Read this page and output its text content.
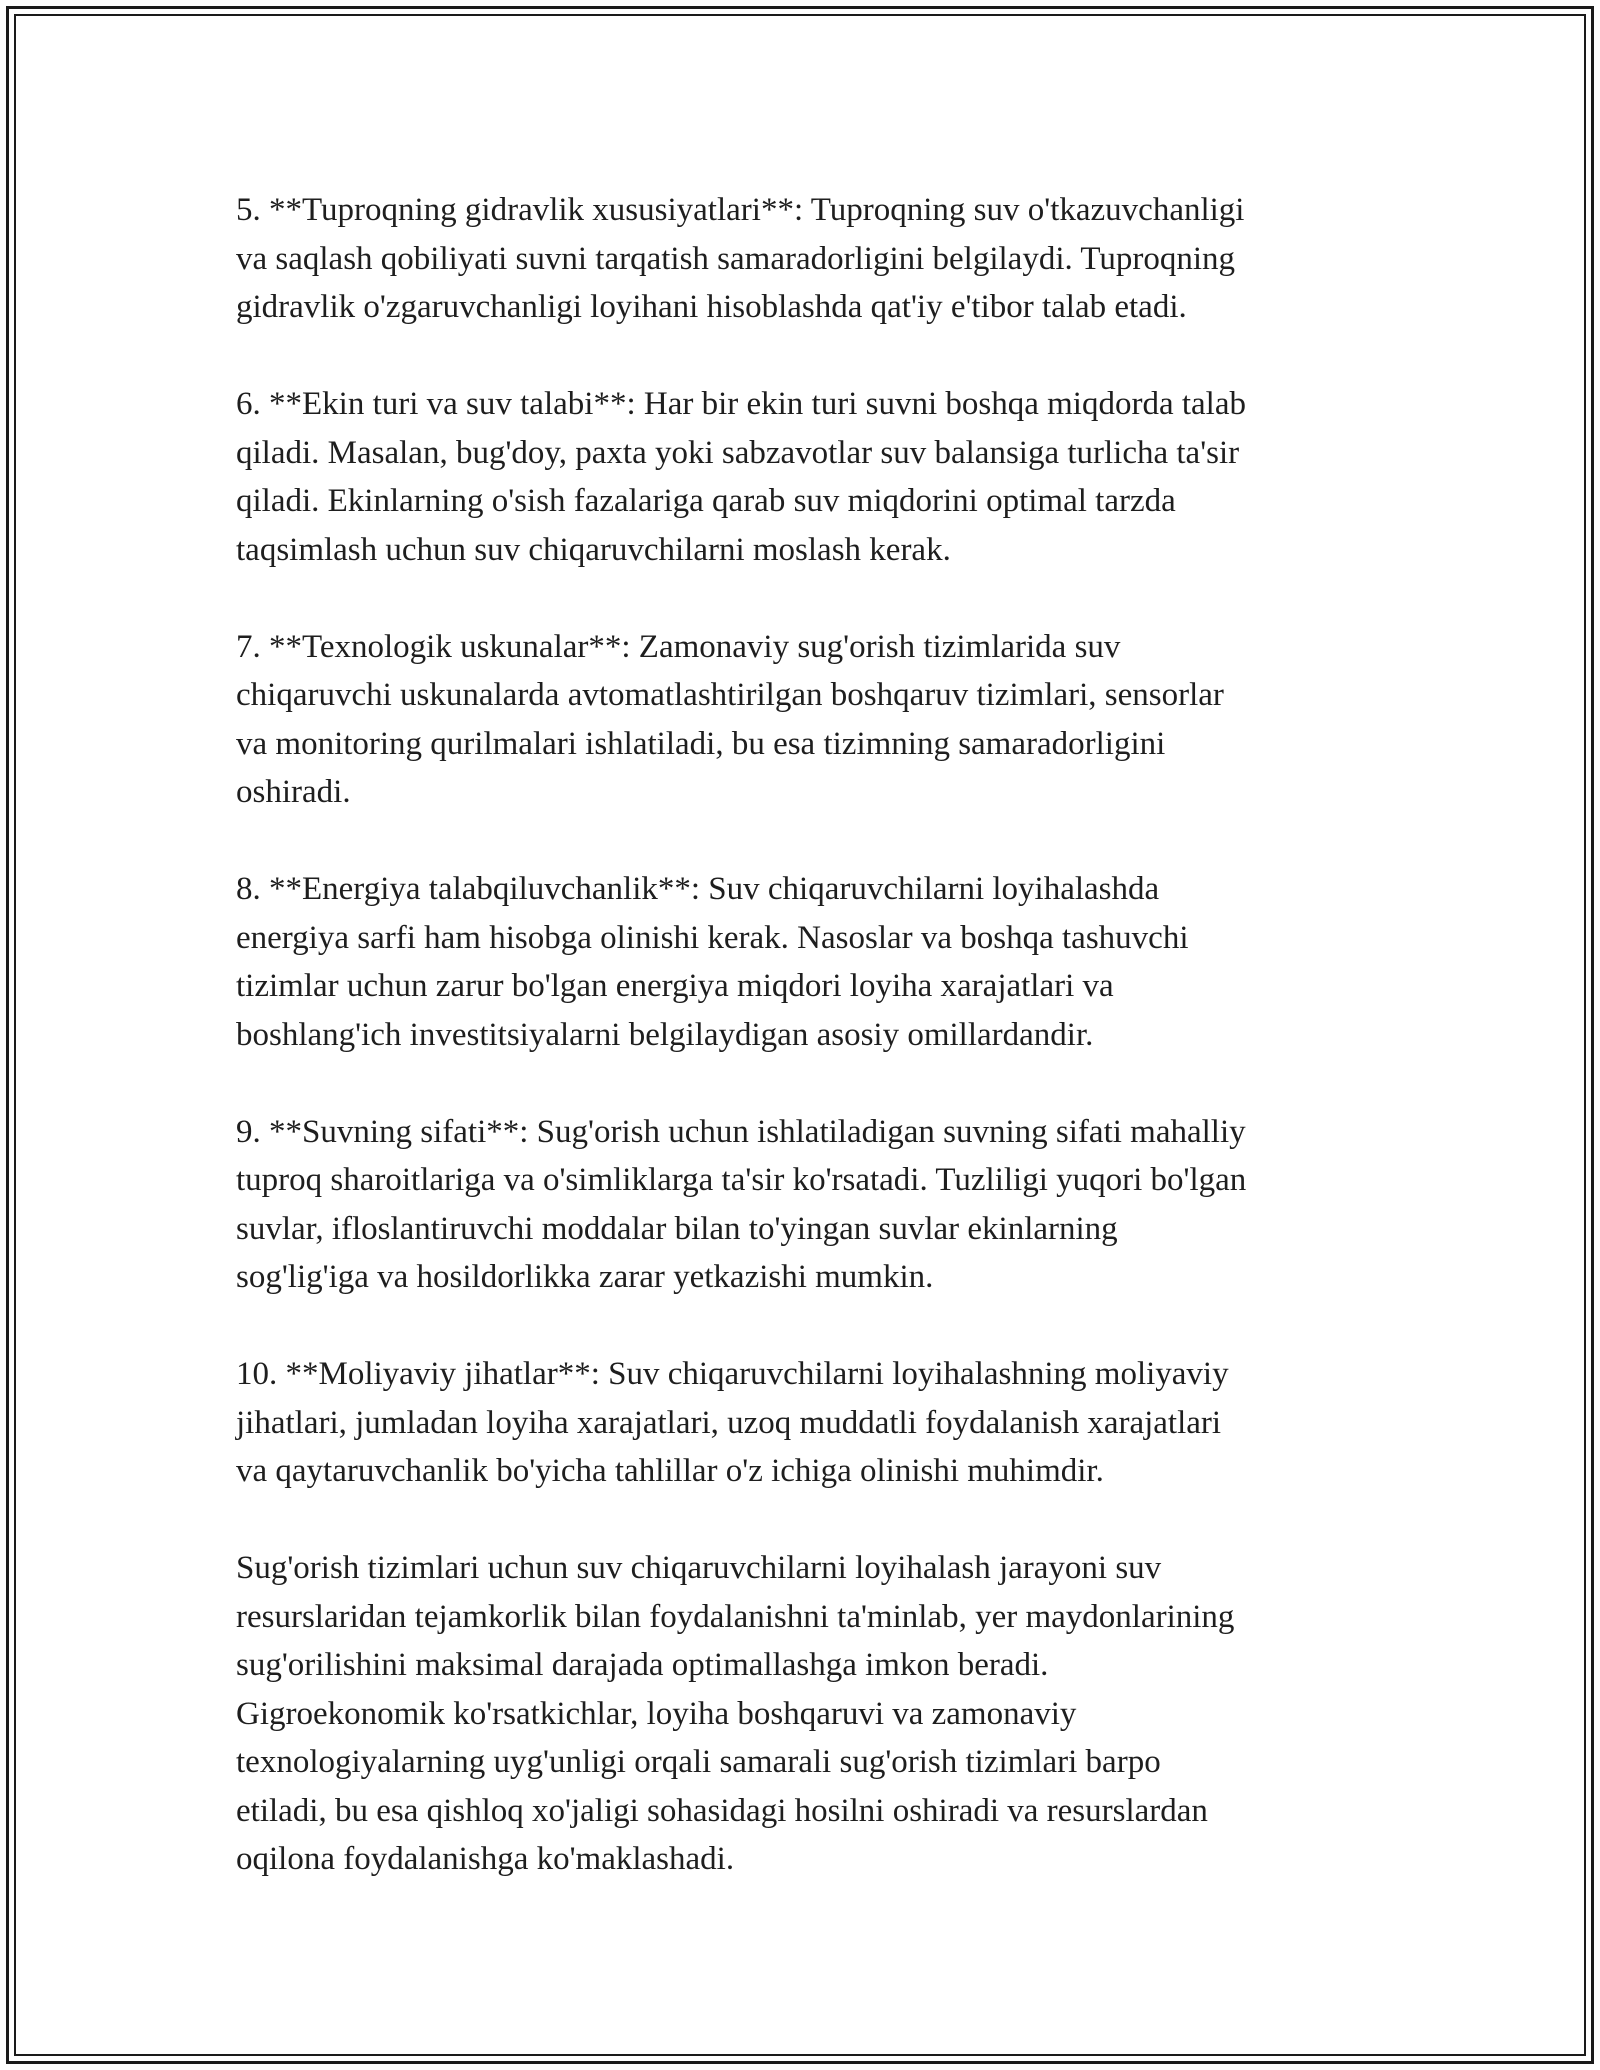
5. **Tuproqning gidravlik xususiyatlari**: Tuproqning suv o'tkazuvchanligi
va saqlash qobiliyati suvni tarqatish samaradorligini belgilaydi. Tuproqning
gidravlik o'zgaruvchanligi loyihani hisoblashda qat'iy e'tibor talab etadi.

6. **Ekin turi va suv talabi**: Har bir ekin turi suvni boshqa miqdorda talab
qiladi. Masalan, bug'doy, paxta yoki sabzavotlar suv balansiga turlicha ta'sir
qiladi. Ekinlarning o'sish fazalariga qarab suv miqdorini optimal tarzda
taqsimlash uchun suv chiqaruvchilarni moslash kerak.

7. **Texnologik uskunalar**: Zamonaviy sug'orish tizimlarida suv
chiqaruvchi uskunalarda avtomatlashtirilgan boshqaruv tizimlari, sensorlar
va monitoring qurilmalari ishlatiladi, bu esa tizimning samaradorligini
oshiradi.

8. **Energiya talabqiluvchanlik**: Suv chiqaruvchilarni loyihalashda
energiya sarfi ham hisobga olinishi kerak. Nasoslar va boshqa tashuvchi
tizimlar uchun zarur bo'lgan energiya miqdori loyiha xarajatlari va
boshlang'ich investitsiyalarni belgilaydigan asosiy omillardandir.

9. **Suvning sifati**: Sug'orish uchun ishlatiladigan suvning sifati mahalliy
tuproq sharoitlariga va o'simliklarga ta'sir ko'rsatadi. Tuzliligi yuqori bo'lgan
suvlar, ifloslantiruvchi moddalar bilan to'yingan suvlar ekinlarning
sog'lig'iga va hosildorlikka zarar yetkazishi mumkin.

10. **Moliyaviy jihatlar**: Suv chiqaruvchilarni loyihalashning moliyaviy
jihatlari, jumladan loyiha xarajatlari, uzoq muddatli foydalanish xarajatlari
va qaytaruvchanlik bo'yicha tahlillar o'z ichiga olinishi muhimdir.

Sug'orish tizimlari uchun suv chiqaruvchilarni loyihalash jarayoni suv
resurslaridan tejamkorlik bilan foydalanishni ta'minlab, yer maydonlarining
sug'orilishini maksimal darajada optimallashga imkon beradi.
Gigroekonomik ko'rsatkichlar, loyiha boshqaruvi va zamonaviy
texnologiyalarning uyg'unligi orqali samarali sug'orish tizimlari barpo
etiladi, bu esa qishloq xo'jaligi sohasidagi hosilni oshiradi va resurslardan
oqilona foydalanishga ko'maklashadi.
